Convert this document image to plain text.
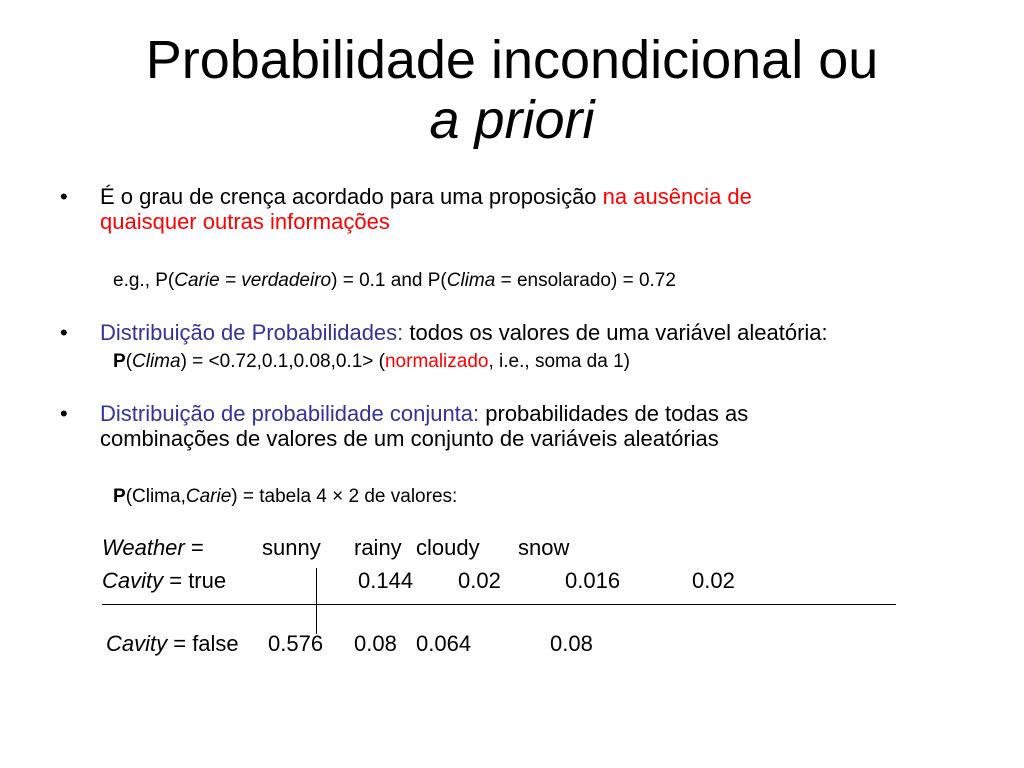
Probabilidade incondicional ou
a priori
• É o grau de crença acordado para uma proposição na ausência de
quaisquer outras informações
e.g., P(Carie = verdadeiro) = 0.1 and P(Clima = ensolarado) = 0.72
• Distribuição de Probabilidades: todos os valores de uma variável aleatória:
P(Clima) = <0.72,0.1,0.08,0.1> (normalizado, i.e., soma da 1)
• Distribuição de probabilidade conjunta: probabilidades de todas as
combinações de valores de um conjunto de variáveis aleatórias
P(Clima,Carie) = tabela 4 × 2 de valores:
Weather =	sunny rainy cloudy snow
Cavity = true	0.144 0.02	0.016	0.02
Cavity = false 0.576 0.08 0.064	0.08
